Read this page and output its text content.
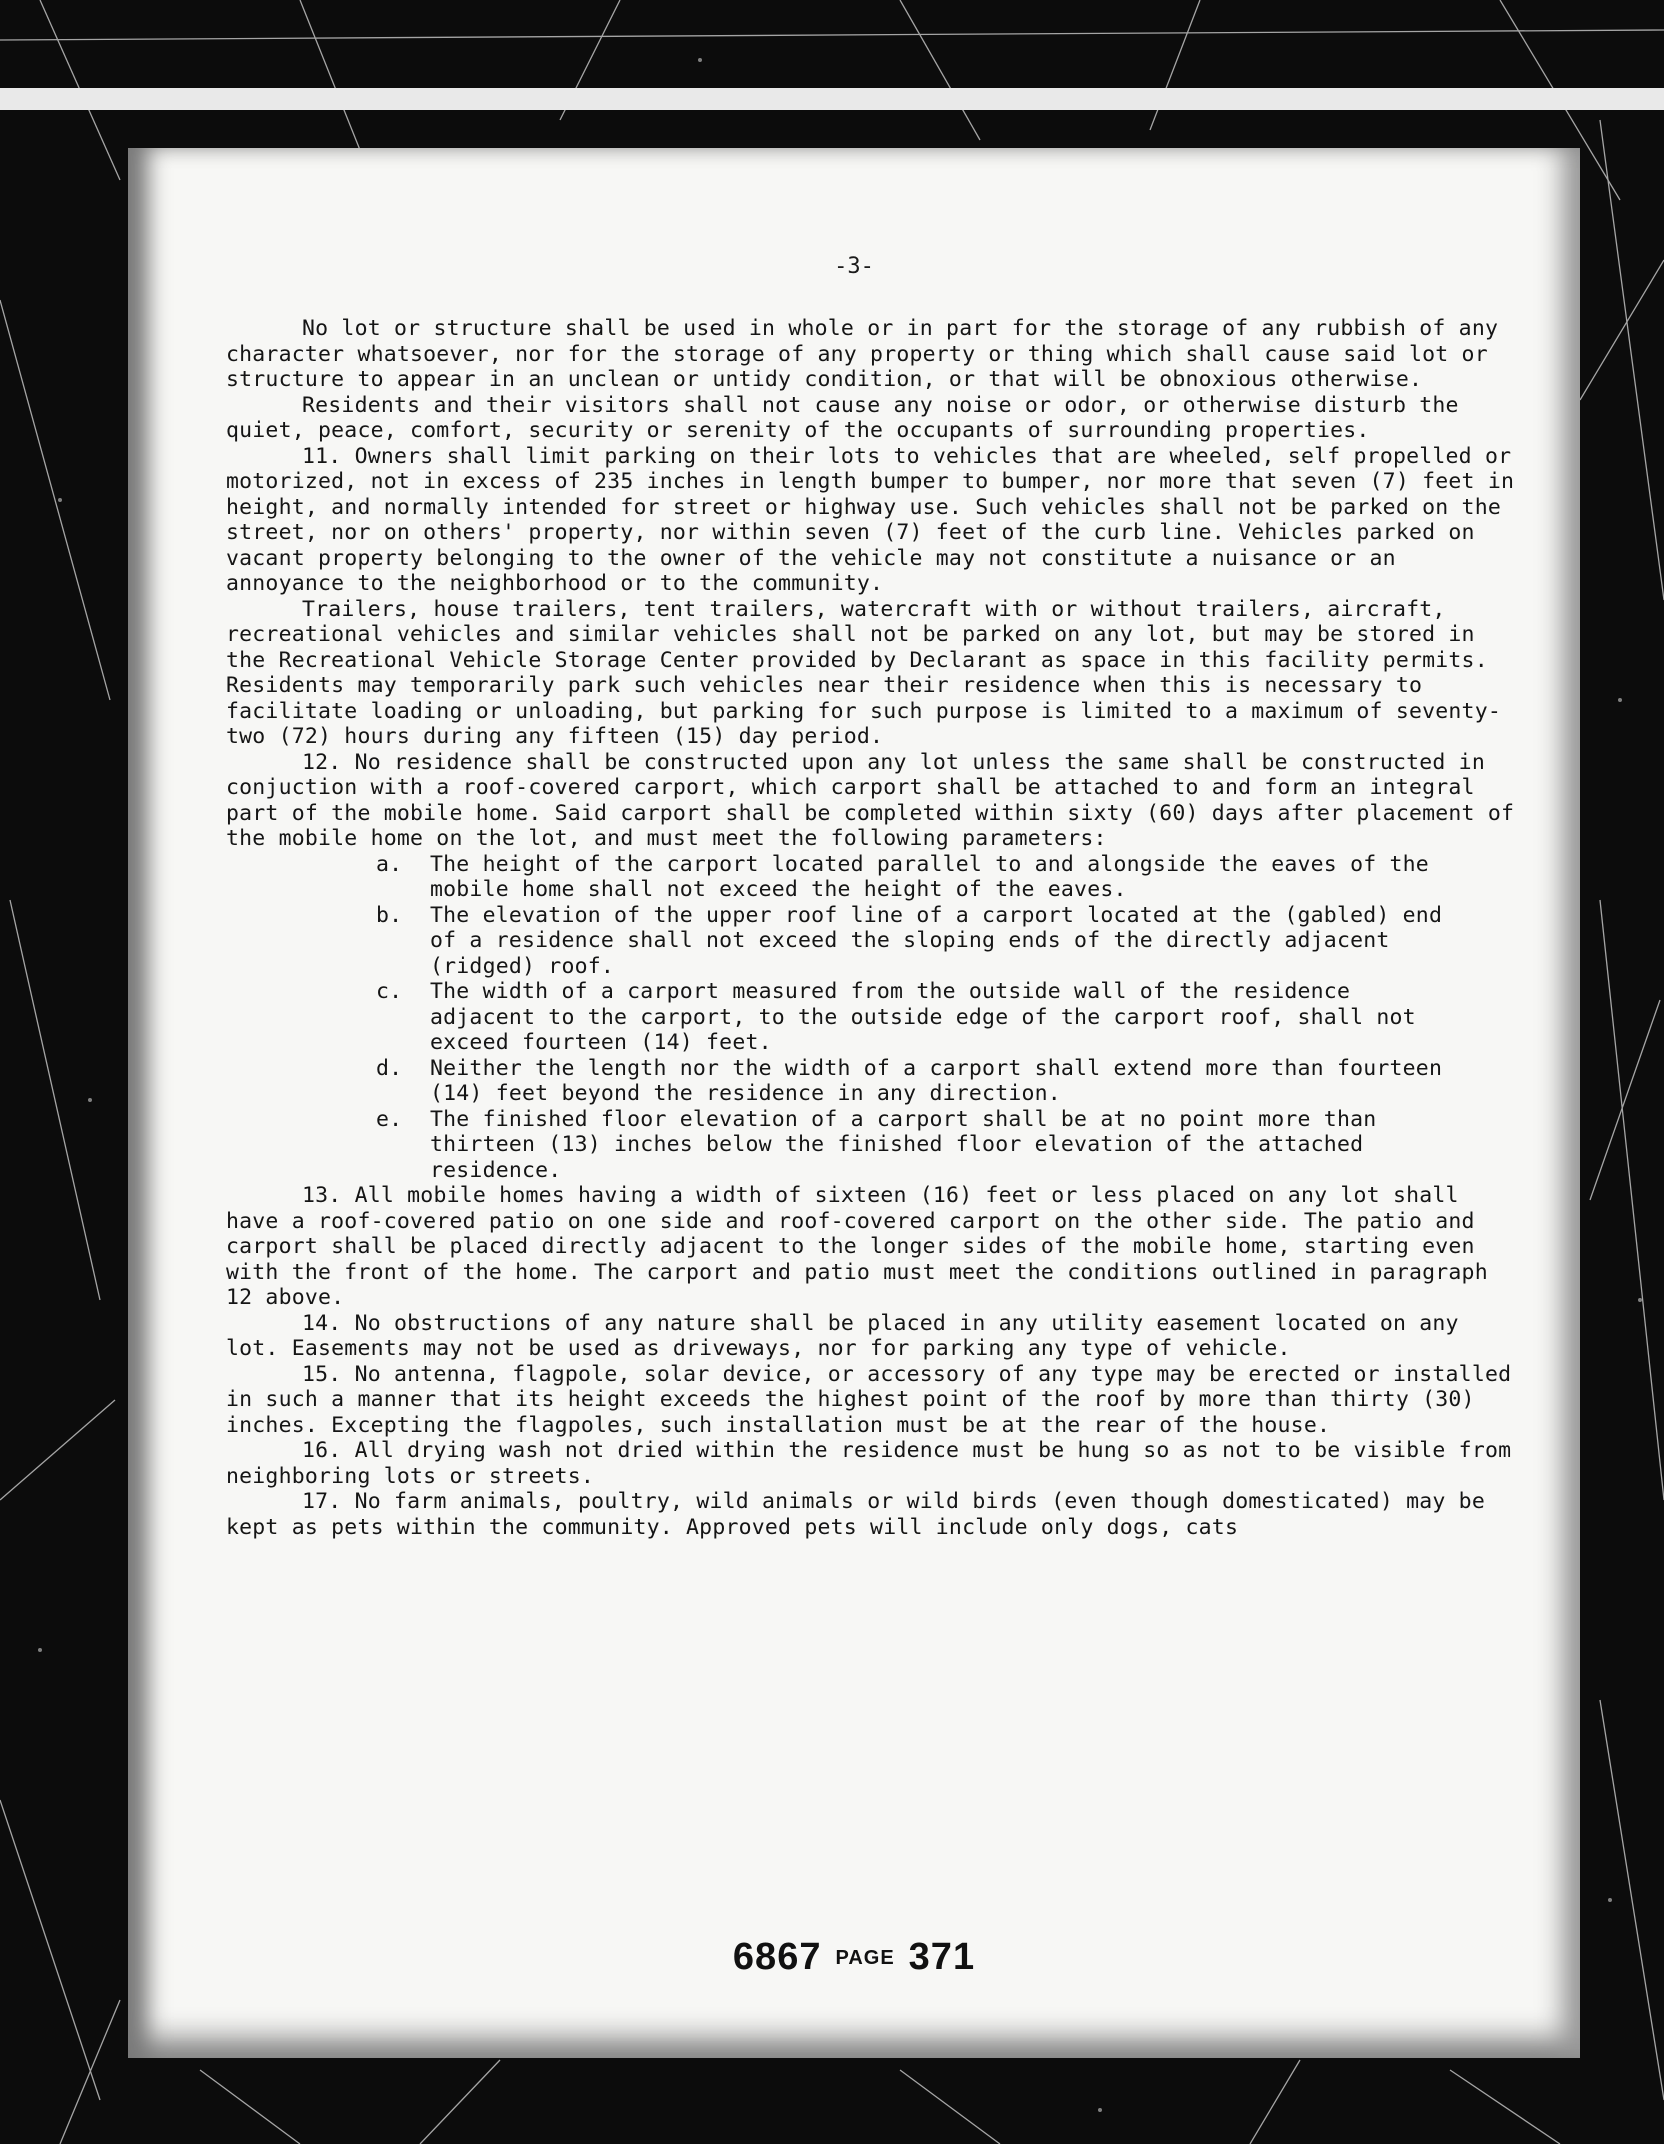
-3-

No lot or structure shall be used in whole or in part for the storage of any rubbish of any character whatsoever, nor for the storage of any property or thing which shall cause said lot or structure to appear in an unclean or untidy condition, or that will be obnoxious otherwise.

Residents and their visitors shall not cause any noise or odor, or otherwise disturb the quiet, peace, comfort, security or serenity of the occupants of surrounding properties.

11. Owners shall limit parking on their lots to vehicles that are wheeled, self propelled or motorized, not in excess of 235 inches in length bumper to bumper, nor more that seven (7) feet in height, and normally intended for street or highway use. Such vehicles shall not be parked on the street, nor on others' property, nor within seven (7) feet of the curb line. Vehicles parked on vacant property belonging to the owner of the vehicle may not constitute a nuisance or an annoyance to the neighborhood or to the community.

Trailers, house trailers, tent trailers, watercraft with or without trailers, aircraft, recreational vehicles and similar vehicles shall not be parked on any lot, but may be stored in the Recreational Vehicle Storage Center provided by Declarant as space in this facility permits. Residents may temporarily park such vehicles near their residence when this is necessary to facilitate loading or unloading, but parking for such purpose is limited to a maximum of seventy-two (72) hours during any fifteen (15) day period.

12. No residence shall be constructed upon any lot unless the same shall be constructed in conjuction with a roof-covered carport, which carport shall be attached to and form an integral part of the mobile home. Said carport shall be completed within sixty (60) days after placement of the mobile home on the lot, and must meet the following parameters:

a.	The height of the carport located parallel to and alongside the eaves of the mobile home shall not exceed the height of the eaves.
b.	The elevation of the upper roof line of a carport located at the (gabled) end of a residence shall not exceed the sloping ends of the directly adjacent (ridged) roof.
c.	The width of a carport measured from the outside wall of the residence adjacent to the carport, to the outside edge of the carport roof, shall not exceed fourteen (14) feet.
d.	Neither the length nor the width of a carport shall extend more than fourteen (14) feet beyond the residence in any direction.
e.	The finished floor elevation of a carport shall be at no point more than thirteen (13) inches below the finished floor elevation of the attached residence.

13. All mobile homes having a width of sixteen (16) feet or less placed on any lot shall have a roof-covered patio on one side and roof-covered carport on the other side. The patio and carport shall be placed directly adjacent to the longer sides of the mobile home, starting even with the front of the home. The carport and patio must meet the conditions outlined in paragraph 12 above.

14. No obstructions of any nature shall be placed in any utility easement located on any lot. Easements may not be used as driveways, nor for parking any type of vehicle.

15. No antenna, flagpole, solar device, or accessory of any type may be erected or installed in such a manner that its height exceeds the highest point of the roof by more than thirty (30) inches. Excepting the flagpoles, such installation must be at the rear of the house.

16. All drying wash not dried within the residence must be hung so as not to be visible from neighboring lots or streets.

17. No farm animals, poultry, wild animals or wild birds (even though domesticated) may be kept as pets within the community. Approved pets will include only dogs, cats

6867 PAGE 371
